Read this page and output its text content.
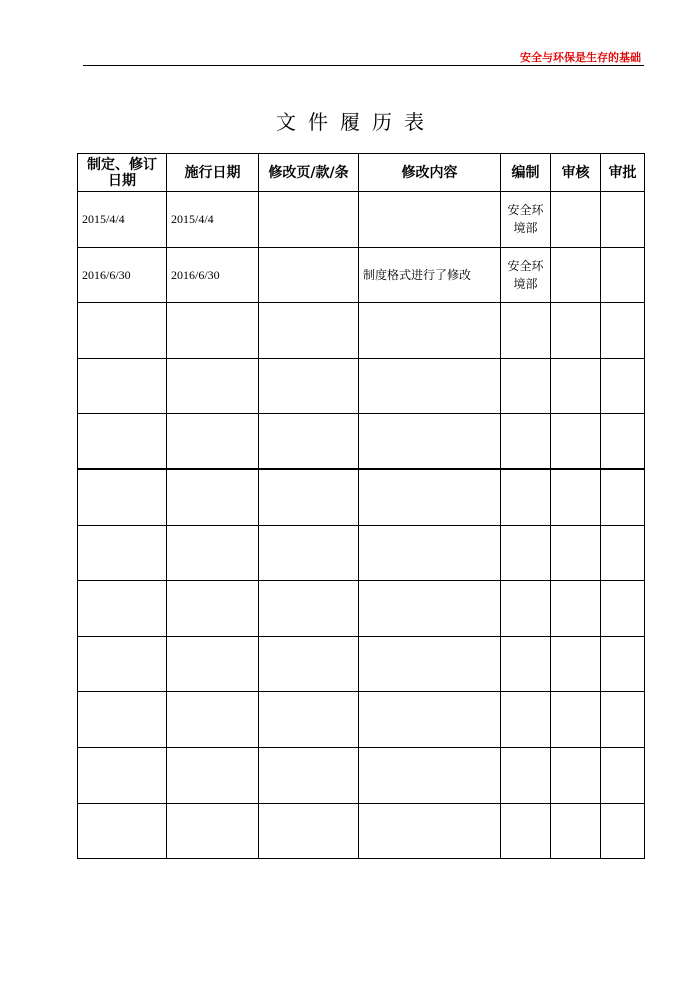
安全与环保是生存的基础
文件履历表
制定、修订日期	施行日期	修改页/款/条	修改内容	编制	审核	审批
2015/4/4	2015/4/4			安全环境部		
2016/6/30	2016/6/30		制度格式进行了修改	安全环境部		
